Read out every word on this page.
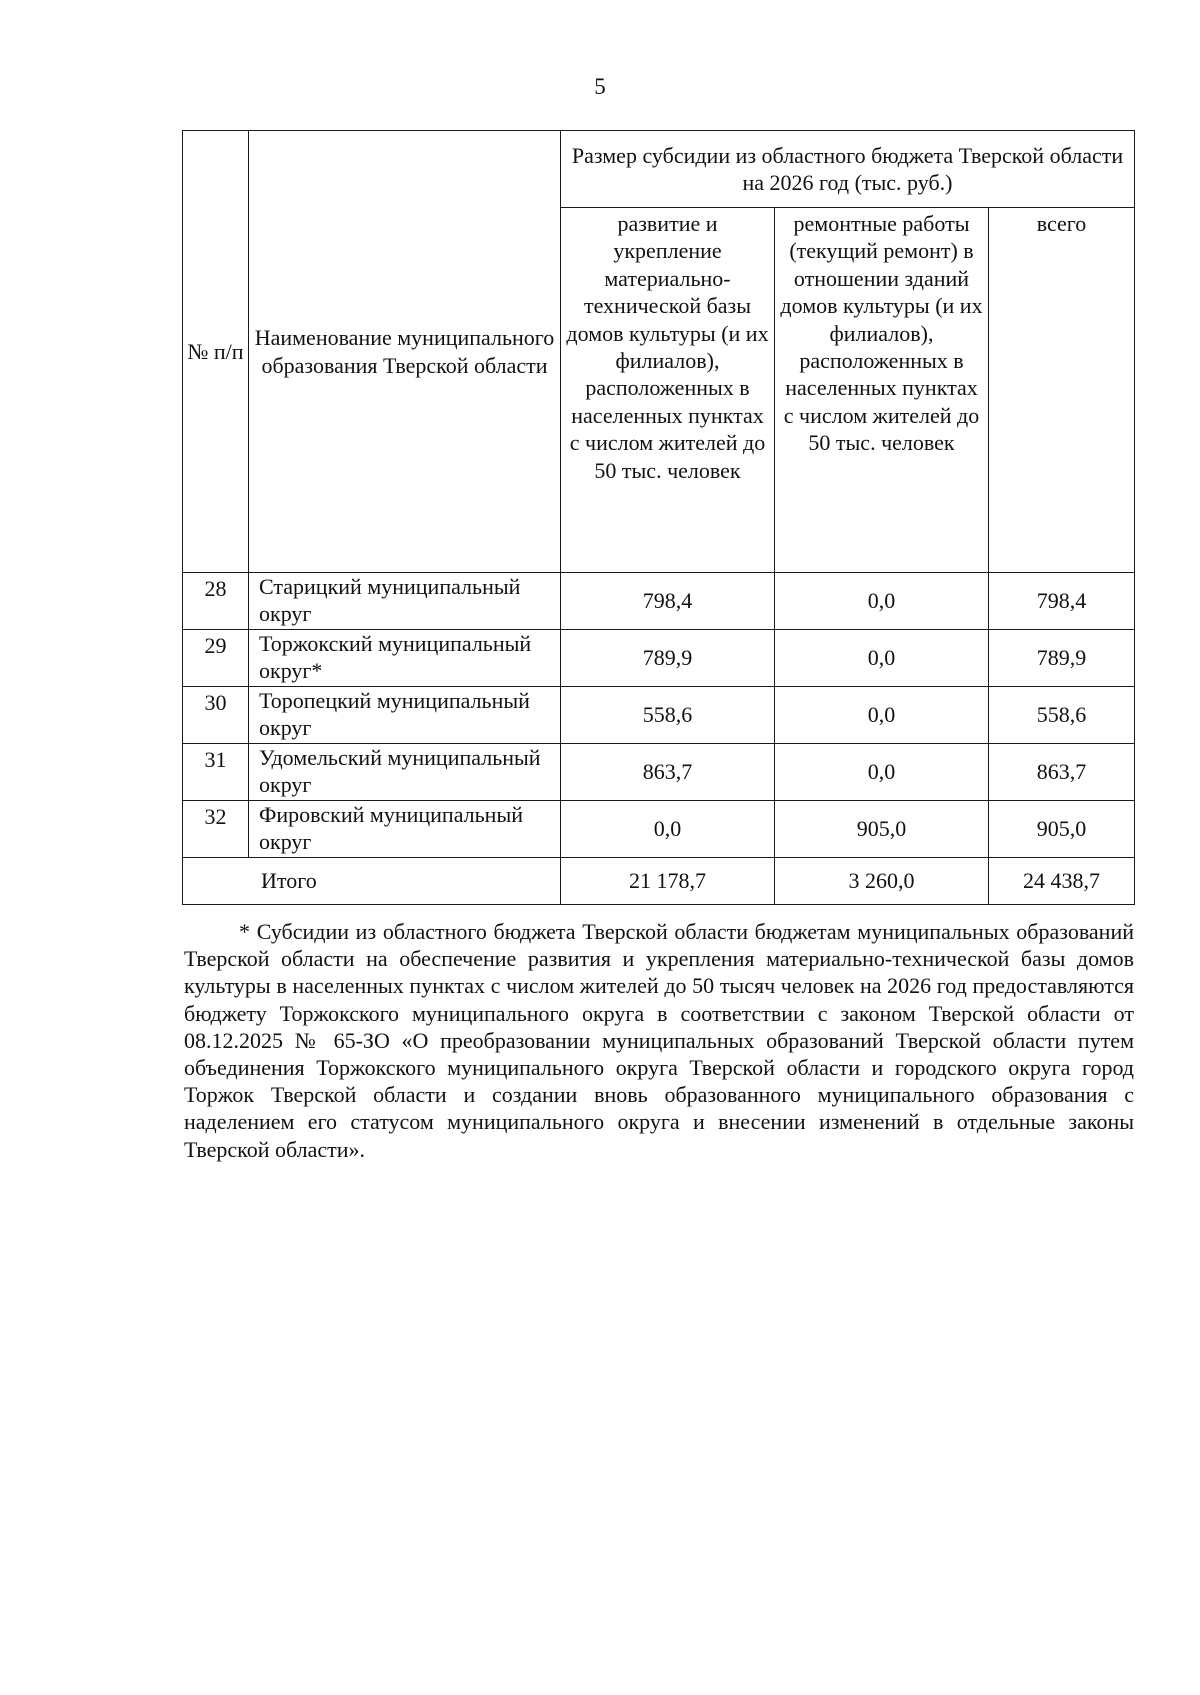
5
№ п/п	Наименование муниципального образования Тверской области	Размер субсидии из областного бюджета Тверской области на 2026 год (тыс. руб.)		
		развитие и укрепление материально-технической базы домов культуры (и их филиалов), расположенных в населенных пунктах с числом жителей до 50 тыс. человек	ремонтные работы (текущий ремонт) в отношении зданий домов культуры (и их филиалов), расположенных в населенных пунктах с числом жителей до 50 тыс. человек	всего
28	Старицкий муниципальный округ	798,4	0,0	798,4
29	Торжокский муниципальный округ*	789,9	0,0	789,9
30	Торопецкий муниципальный округ	558,6	0,0	558,6
31	Удомельский муниципальный округ	863,7	0,0	863,7
32	Фировский муниципальный округ	0,0	905,0	905,0
Итого		21 178,7	3 260,0	24 438,7

* Субсидии из областного бюджета Тверской области бюджетам муниципальных образований Тверской области на обеспечение развития и укрепления материально-технической базы домов культуры в населенных пунктах с числом жителей до 50 тысяч человек на 2026 год предоставляются бюджету Торжокского муниципального округа в соответствии с законом Тверской области от 08.12.2025 № 65-ЗО «О преобразовании муниципальных образований Тверской области путем объединения Торжокского муниципального округа Тверской области и городского округа город Торжок Тверской области и создании вновь образованного муниципального образования с наделением его статусом муниципального округа и внесении изменений в отдельные законы Тверской области».
